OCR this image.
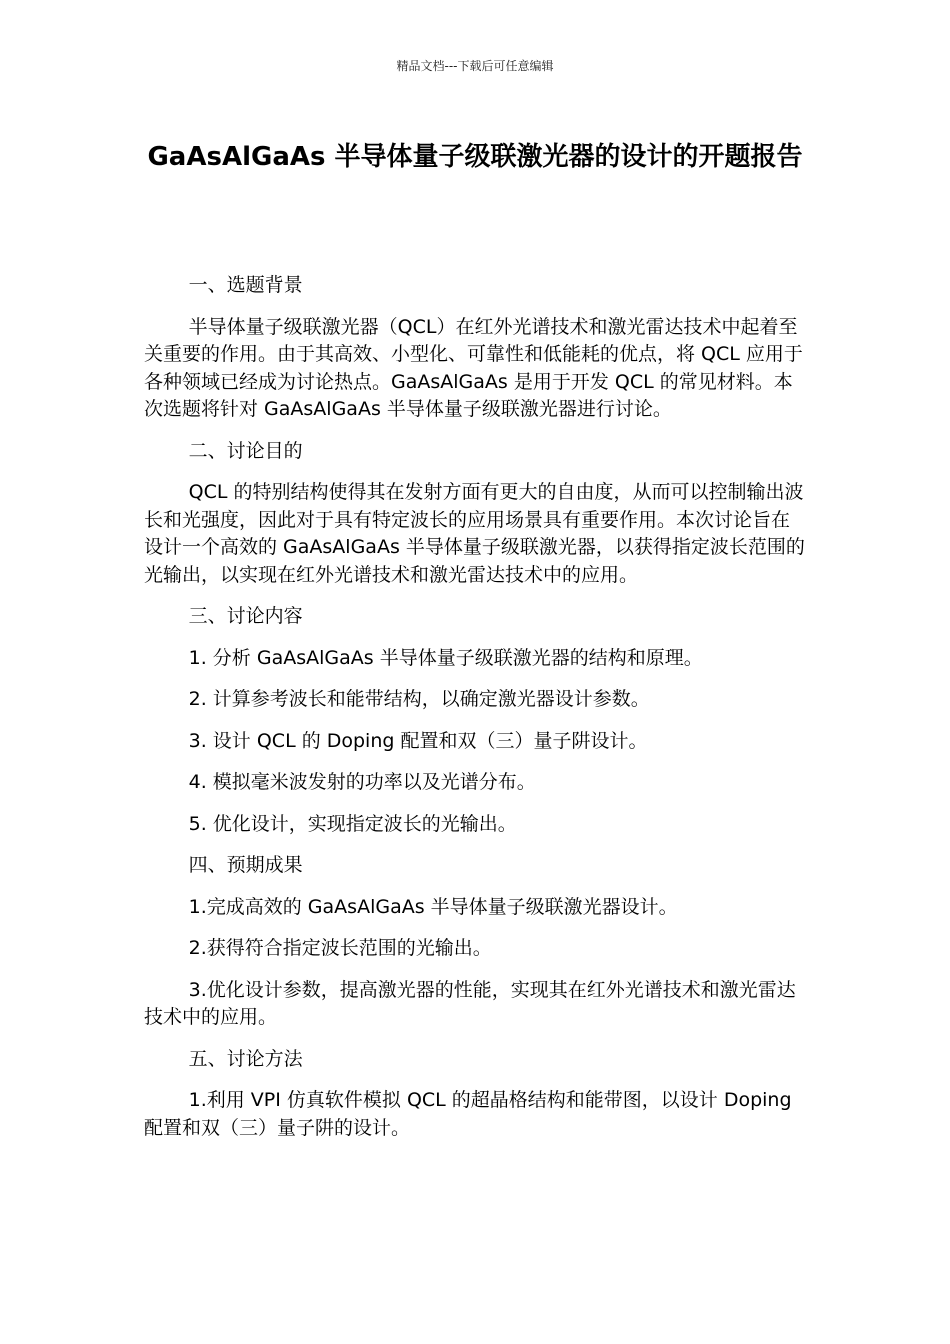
精品文档---下载后可任意编辑
GaAsAlGaAs 半导体量子级联激光器的设计的开题报告

一、选题背景

半导体量子级联激光器（QCL）在红外光谱技术和激光雷达技术中起着至关重要的作用。由于其高效、小型化、可靠性和低能耗的优点，将 QCL 应用于各种领域已经成为讨论热点。GaAsAlGaAs 是用于开发 QCL 的常见材料。本次选题将针对 GaAsAlGaAs 半导体量子级联激光器进行讨论。

二、讨论目的

QCL 的特别结构使得其在发射方面有更大的自由度，从而可以控制输出波长和光强度，因此对于具有特定波长的应用场景具有重要作用。本次讨论旨在设计一个高效的 GaAsAlGaAs 半导体量子级联激光器，以获得指定波长范围的光输出，以实现在红外光谱技术和激光雷达技术中的应用。

三、讨论内容

1. 分析 GaAsAlGaAs 半导体量子级联激光器的结构和原理。

2. 计算参考波长和能带结构，以确定激光器设计参数。

3. 设计 QCL 的 Doping 配置和双（三）量子阱设计。

4. 模拟毫米波发射的功率以及光谱分布。

5. 优化设计，实现指定波长的光输出。

四、预期成果

1.完成高效的 GaAsAlGaAs 半导体量子级联激光器设计。

2.获得符合指定波长范围的光输出。

3.优化设计参数，提高激光器的性能，实现其在红外光谱技术和激光雷达技术中的应用。

五、讨论方法

1.利用 VPI 仿真软件模拟 QCL 的超晶格结构和能带图，以设计 Doping 配置和双（三）量子阱的设计。
